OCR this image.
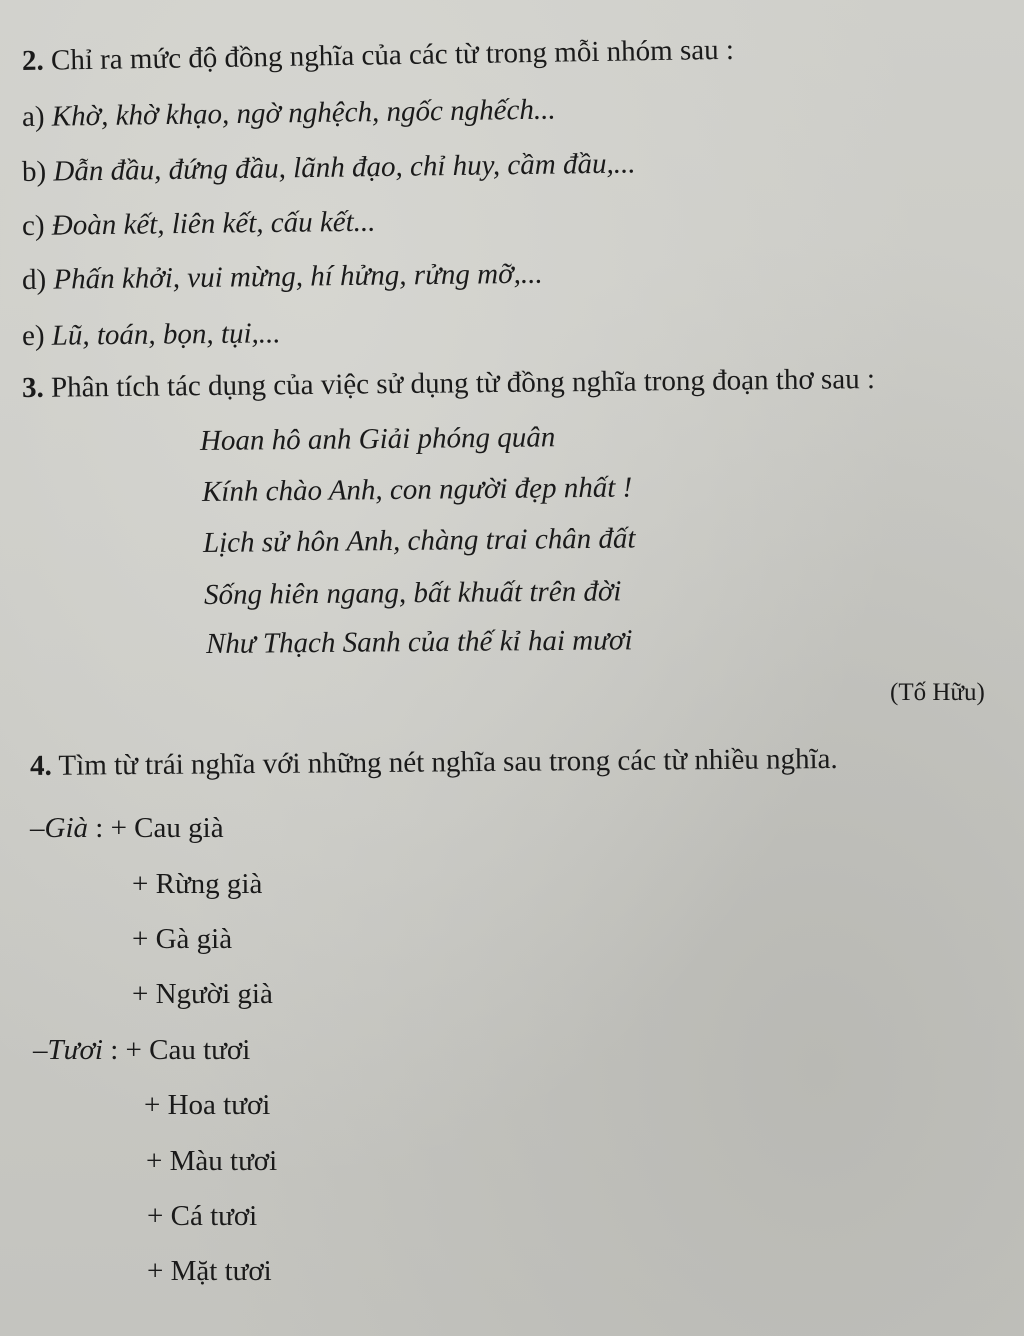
2. Chỉ ra mức độ đồng nghĩa của các từ trong mỗi nhóm sau :
a) Khờ, khờ khạo, ngờ nghệch, ngốc nghếch...
b) Dẫn đầu, đứng đầu, lãnh đạo, chỉ huy, cầm đầu,...
c) Đoàn kết, liên kết, cấu kết...
d) Phấn khởi, vui mừng, hí hửng, rửng mỡ,...
e) Lũ, toán, bọn, tụi,...
3. Phân tích tác dụng của việc sử dụng từ đồng nghĩa trong đoạn thơ sau :
Hoan hô anh Giải phóng quân
Kính chào Anh, con người đẹp nhất !
Lịch sử hôn Anh, chàng trai chân đất
Sống hiên ngang, bất khuất trên đời
Như Thạch Sanh của thế kỉ hai mươi
(Tố Hữu)
4. Tìm từ trái nghĩa với những nét nghĩa sau trong các từ nhiều nghĩa.
–Già : + Cau già
+ Rừng già
+ Gà già
+ Người già
–Tươi : + Cau tươi
+ Hoa tươi
+ Màu tươi
+ Cá tươi
+ Mặt tươi
